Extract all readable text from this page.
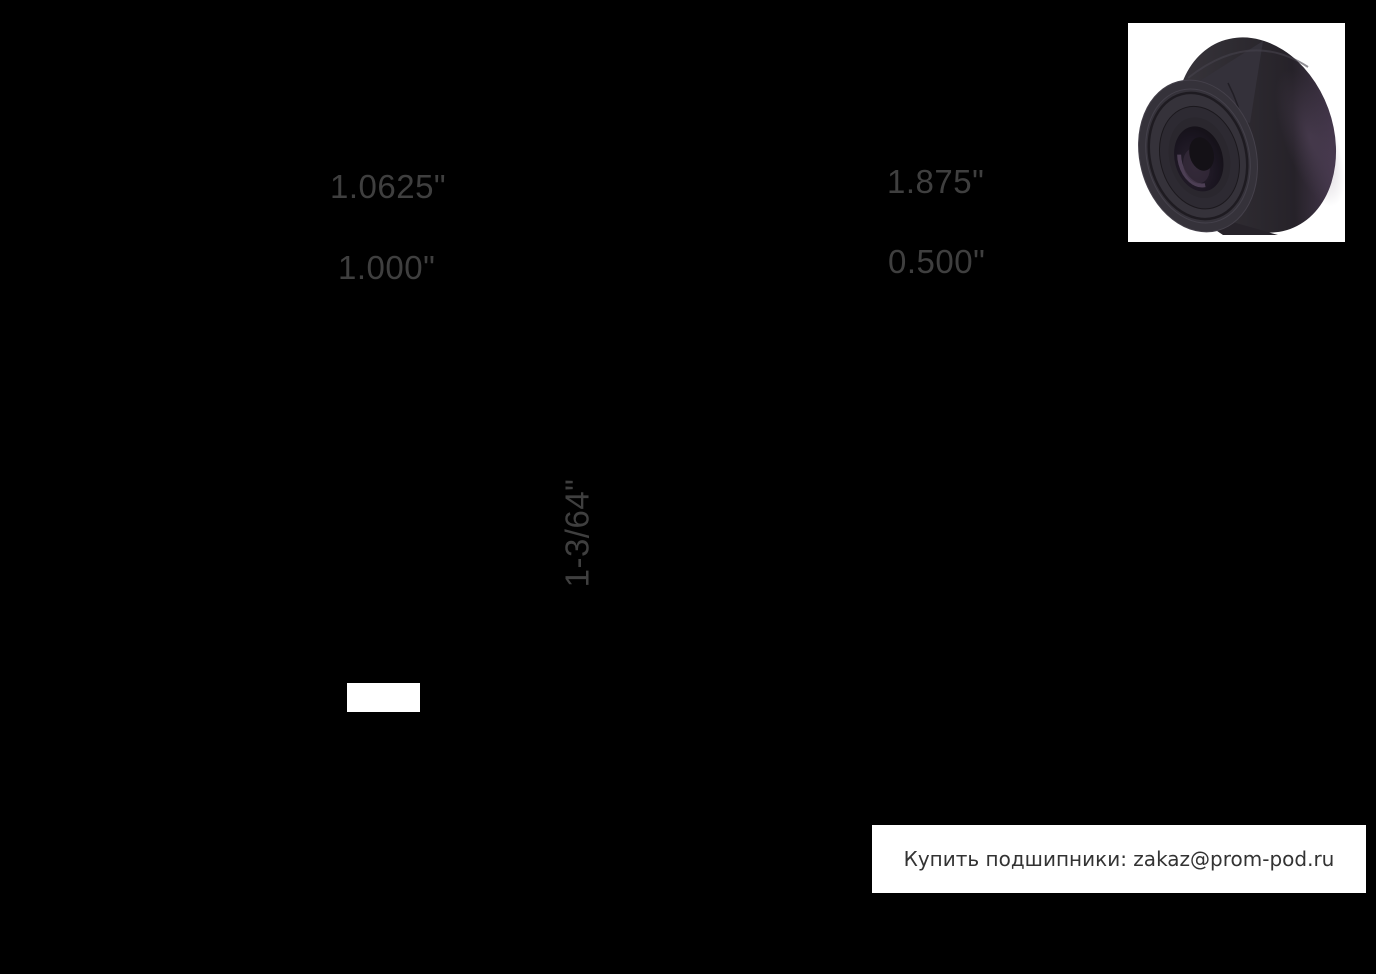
1.0625"
1.000"
1.875"
0.500"
1-3/64"
Купить подшипники: zakaz@prom-pod.ru
